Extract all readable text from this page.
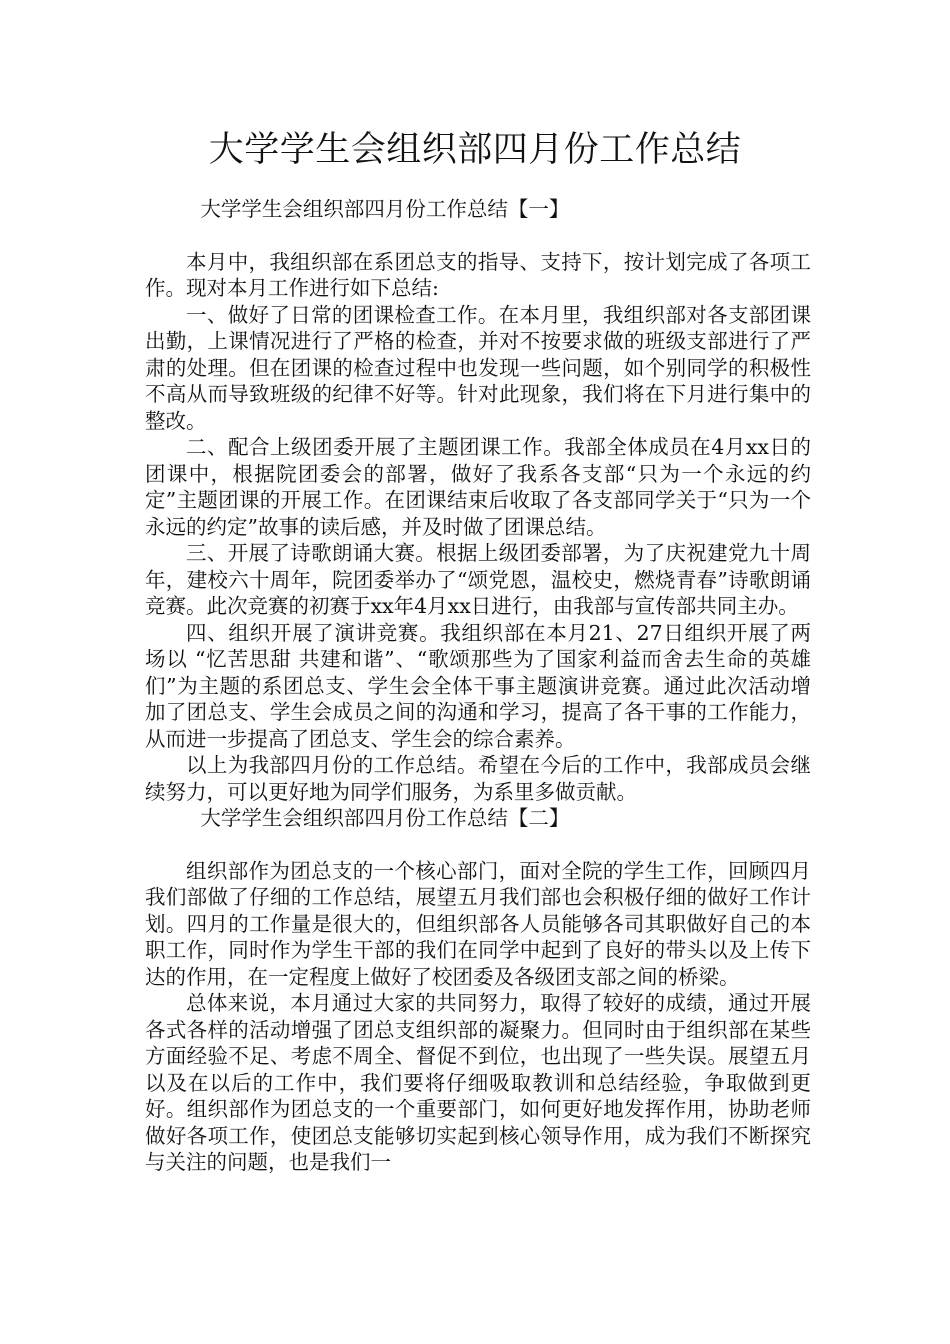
大学学生会组织部四月份工作总结

大学学生会组织部四月份工作总结【一】

本月中，我组织部在系团总支的指导、支持下，按计划完成了各项工作。现对本月工作进行如下总结:

一、做好了日常的团课检查工作。在本月里，我组织部对各支部团课出勤，上课情况进行了严格的检查，并对不按要求做的班级支部进行了严肃的处理。但在团课的检查过程中也发现一些问题，如个别同学的积极性不高从而导致班级的纪律不好等。针对此现象，我们将在下月进行集中的整改。

二、配合上级团委开展了主题团课工作。我部全体成员在4月xx日的团课中，根据院团委会的部署，做好了我系各支部“只为一个永远的约定”主题团课的开展工作。在团课结束后收取了各支部同学关于“只为一个永远的约定”故事的读后感，并及时做了团课总结。

三、开展了诗歌朗诵大赛。根据上级团委部署，为了庆祝建党九十周年，建校六十周年，院团委举办了“颂党恩，温校史，燃烧青春”诗歌朗诵竞赛。此次竞赛的初赛于xx年4月xx日进行，由我部与宣传部共同主办。

四、组织开展了演讲竞赛。我组织部在本月21、27日组织开展了两场以 “忆苦思甜 共建和谐”、“歌颂那些为了国家利益而舍去生命的英雄们”为主题的系团总支、学生会全体干事主题演讲竞赛。通过此次活动增加了团总支、学生会成员之间的沟通和学习，提高了各干事的工作能力，从而进一步提高了团总支、学生会的综合素养。

以上为我部四月份的工作总结。希望在今后的工作中，我部成员会继续努力，可以更好地为同学们服务，为系里多做贡献。

大学学生会组织部四月份工作总结【二】

组织部作为团总支的一个核心部门，面对全院的学生工作，回顾四月我们部做了仔细的工作总结，展望五月我们部也会积极仔细的做好工作计划。四月的工作量是很大的，但组织部各人员能够各司其职做好自己的本职工作，同时作为学生干部的我们在同学中起到了良好的带头以及上传下达的作用，在一定程度上做好了校团委及各级团支部之间的桥梁。

总体来说，本月通过大家的共同努力，取得了较好的成绩，通过开展各式各样的活动增强了团总支组织部的凝聚力。但同时由于组织部在某些方面经验不足、考虑不周全、督促不到位，也出现了一些失误。展望五月以及在以后的工作中，我们要将仔细吸取教训和总结经验，争取做到更好。组织部作为团总支的一个重要部门，如何更好地发挥作用，协助老师做好各项工作，使团总支能够切实起到核心领导作用，成为我们不断探究与关注的问题，也是我们一
